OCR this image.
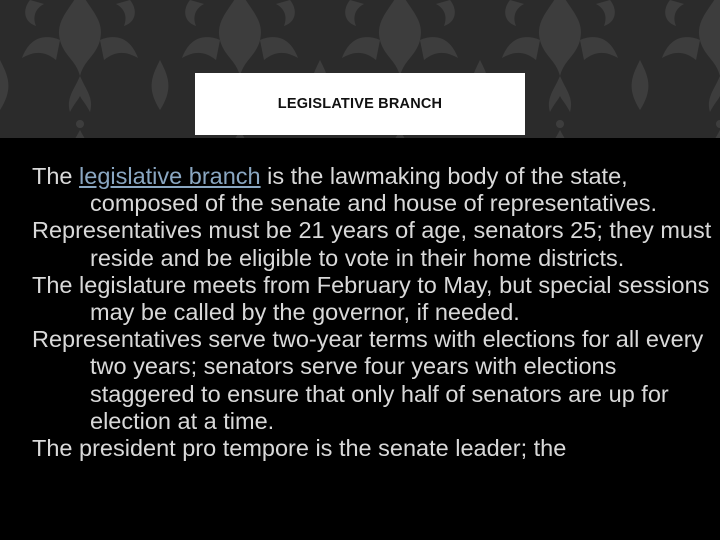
LEGISLATIVE BRANCH

The legislative branch is the lawmaking body of the state, composed of the senate and house of representatives.

Representatives must be 21 years of age, senators 25; they must reside and be eligible to vote in their home districts.

The legislature meets from February to May, but special sessions may be called by the governor, if needed.

Representatives serve two-year terms with elections for all every two years; senators serve four years with elections staggered to ensure that only half of senators are up for election at a time.

The president pro tempore is the senate leader; the
